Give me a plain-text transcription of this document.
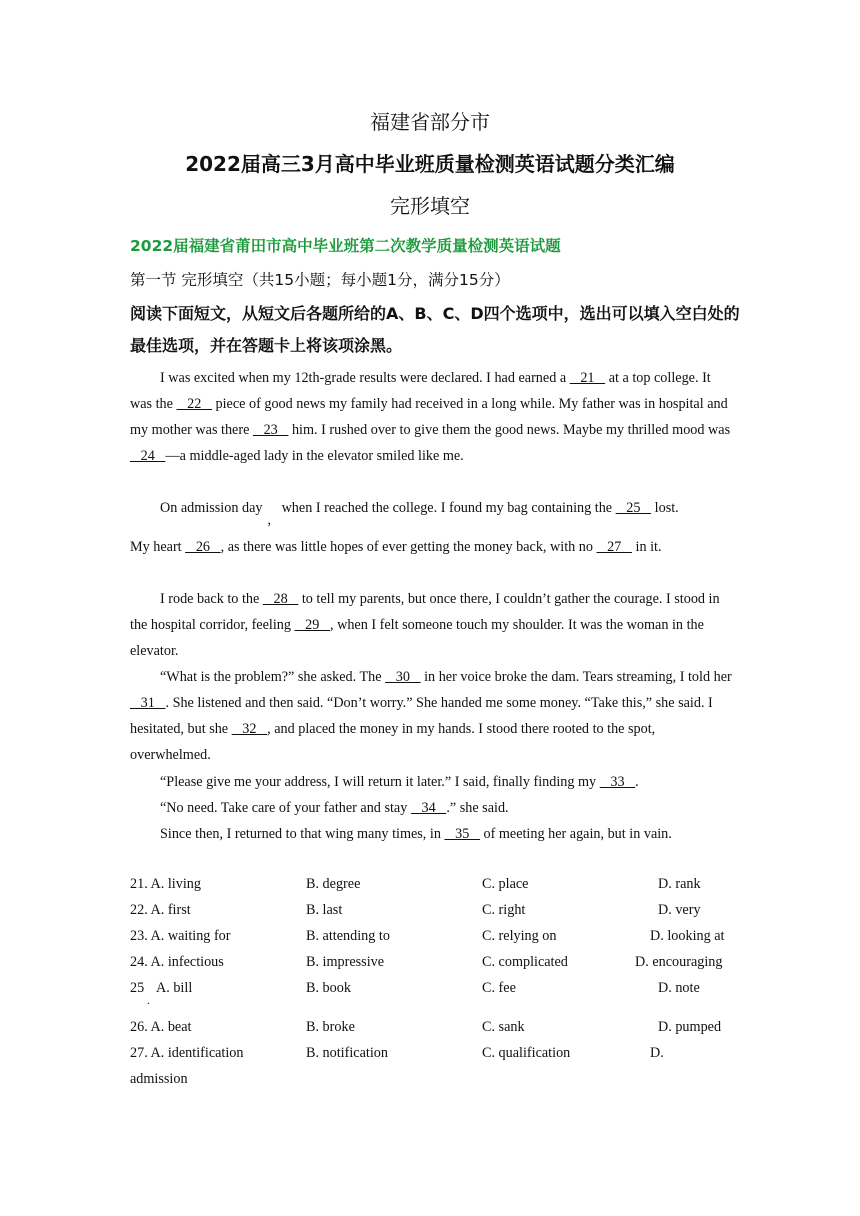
福建省部分市
2022届高三3月高中毕业班质量检测英语试题分类汇编
完形填空
2022届福建省莆田市高中毕业班第二次教学质量检测英语试题
第一节 完形填空（共15小题；每小题1分，满分15分）
阅读下面短文，从短文后各题所给的A、B、C、D四个选项中，选出可以填入空白处的最佳选项，并在答题卡上将该项涂黑。
I was excited when my 12th-grade results were declared. I had earned a    21    at a top college. It was the    22    piece of good news my family had received in a long while. My father was in hospital and my mother was there    23    him. I rushed over to give them the good news. Maybe my thrilled mood was    24   —a middle-aged lady in the elevator smiled like me.
On admission day, when I reached the college. I found my bag containing the    25    lost.
My heart    26   , as there was little hopes of ever getting the money back, with no    27    in it.
I rode back to the    28    to tell my parents, but once there, I couldn’t gather the courage. I stood in the hospital corridor, feeling    29   , when I felt someone touch my shoulder. It was the woman in the elevator.
“What is the problem?” she asked. The    30    in her voice broke the dam. Tears streaming, I told her    31   . She listened and then said. “Don’t worry.” She handed me some money. “Take this,” she said. I hesitated, but she    32   , and placed the money in my hands. I stood there rooted to the spot, overwhelmed.
“Please give me your address, I will return it later.” I said, finally finding my    33   .
“No need. Take care of your father and stay    34   .” she said.
Since then, I returned to that wing many times, in    35    of meeting her again, but in vain.
21. A. living	B. degree	C. place	D. rank
22. A. first	B. last	C. right	D. very
23. A. waiting for	B. attending to	C. relying on	D. looking at
24. A. infectious	B. impressive	C. complicated	D. encouraging
25
.
A. bill	B. book	C. fee	D. note
26. A. beat	B. broke	C. sank	D. pumped
27. A. identification	B. notification	C. qualification	D.
admission
